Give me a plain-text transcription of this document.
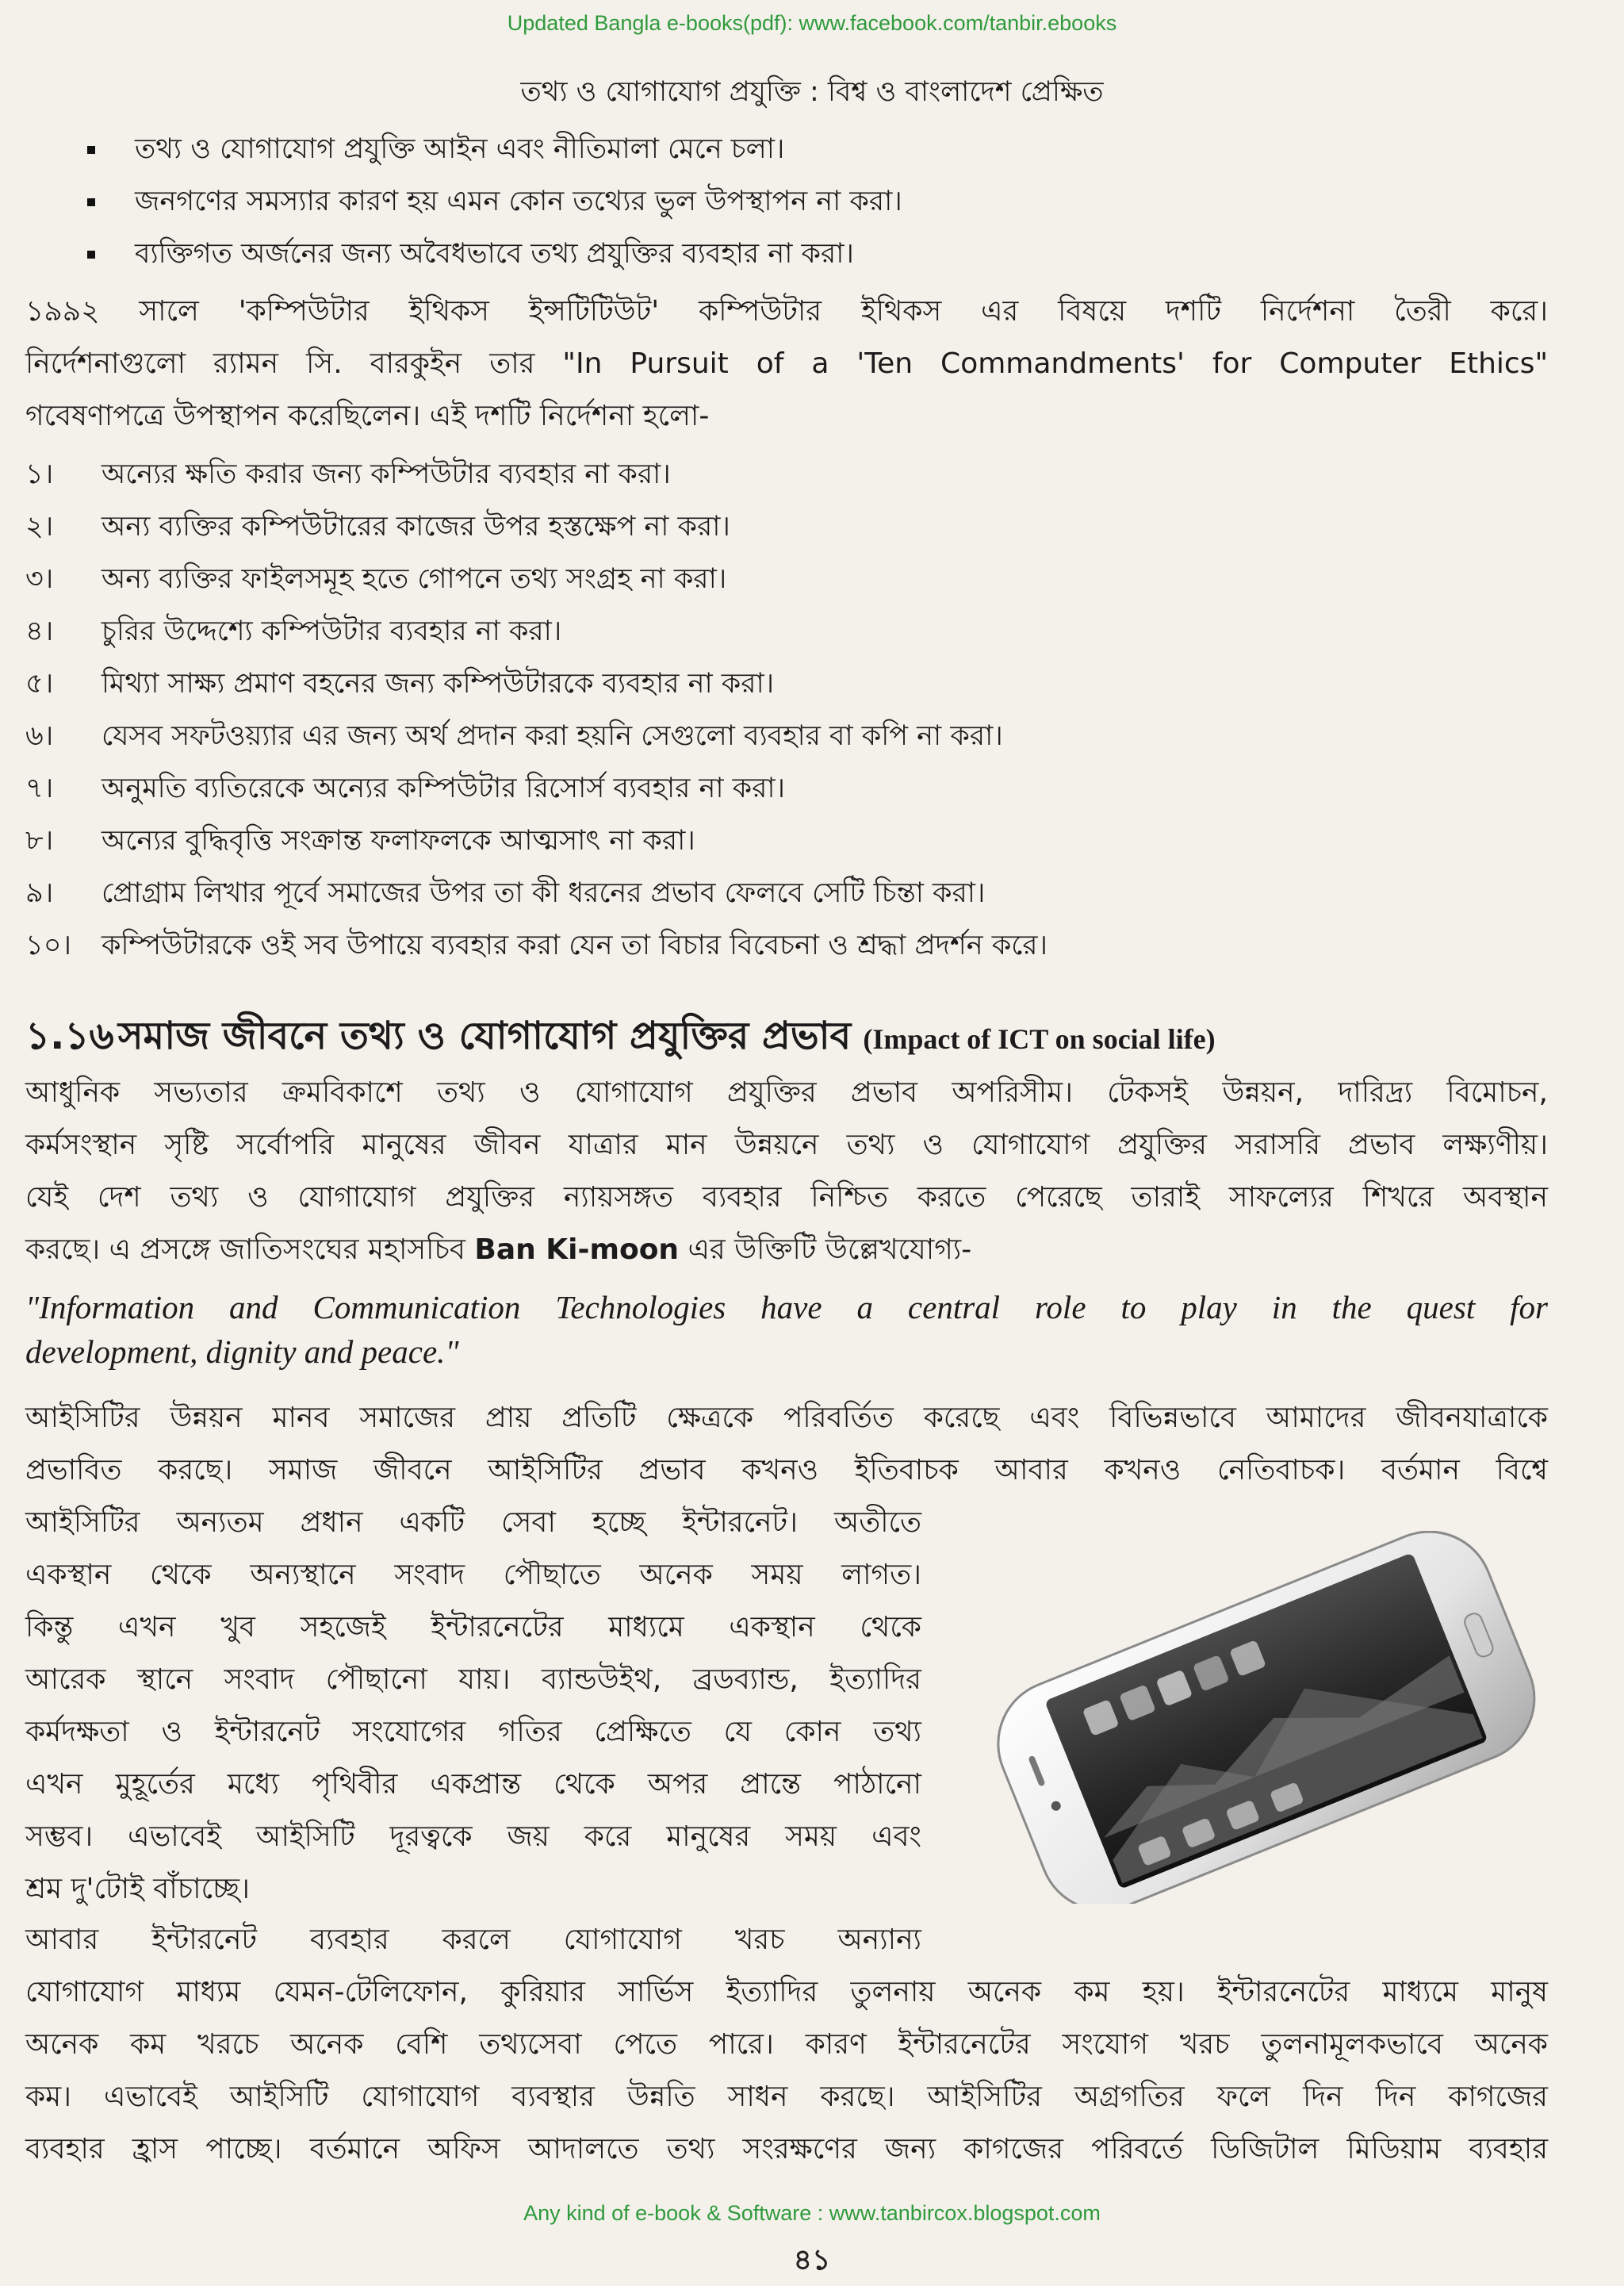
Updated Bangla e-books(pdf): www.facebook.com/tanbir.ebooks
তথ্য ও যোগাযোগ প্রযুক্তি : বিশ্ব ও বাংলাদেশ প্রেক্ষিত
তথ্য ও যোগাযোগ প্রযুক্তি আইন এবং নীতিমালা মেনে চলা।
জনগণের সমস্যার কারণ হয় এমন কোন তথ্যের ভুল উপস্থাপন না করা।
ব্যক্তিগত অর্জনের জন্য অবৈধভাবে তথ্য প্রযুক্তির ব্যবহার না করা।
১৯৯২ সালে 'কম্পিউটার ইথিকস ইন্সটিটিউট' কম্পিউটার ইথিকস এর বিষয়ে দশটি নির্দেশনা তৈরী করে।
নির্দেশনাগুলো র‍্যামন সি. বারকুইন তার "In Pursuit of a 'Ten Commandments' for Computer Ethics"
গবেষণাপত্রে উপস্থাপন করেছিলেন। এই দশটি নির্দেশনা হলো-
১। অন্যের ক্ষতি করার জন্য কম্পিউটার ব্যবহার না করা।
২। অন্য ব্যক্তির কম্পিউটারের কাজের উপর হস্তক্ষেপ না করা।
৩। অন্য ব্যক্তির ফাইলসমূহ হতে গোপনে তথ্য সংগ্রহ না করা।
৪। চুরির উদ্দেশ্যে কম্পিউটার ব্যবহার না করা।
৫। মিথ্যা সাক্ষ্য প্রমাণ বহনের জন্য কম্পিউটারকে ব্যবহার না করা।
৬। যেসব সফটওয়্যার এর জন্য অর্থ প্রদান করা হয়নি সেগুলো ব্যবহার বা কপি না করা।
৭। অনুমতি ব্যতিরেকে অন্যের কম্পিউটার রিসোর্স ব্যবহার না করা।
৮। অন্যের বুদ্ধিবৃত্তি সংক্রান্ত ফলাফলকে আত্মসাৎ না করা।
৯। প্রোগ্রাম লিখার পূর্বে সমাজের উপর তা কী ধরনের প্রভাব ফেলবে সেটি চিন্তা করা।
১০। কম্পিউটারকে ওই সব উপায়ে ব্যবহার করা যেন তা বিচার বিবেচনা ও শ্রদ্ধা প্রদর্শন করে।
১.১৬ সমাজ জীবনে তথ্য ও যোগাযোগ প্রযুক্তির প্রভাব (Impact of ICT on social life)
আধুনিক সভ্যতার ক্রমবিকাশে তথ্য ও যোগাযোগ প্রযুক্তির প্রভাব অপরিসীম। টেকসই উন্নয়ন, দারিদ্র্য বিমোচন,
কর্মসংস্থান সৃষ্টি সর্বোপরি মানুষের জীবন যাত্রার মান উন্নয়নে তথ্য ও যোগাযোগ প্রযুক্তির সরাসরি প্রভাব লক্ষ্যণীয়।
যেই দেশ তথ্য ও যোগাযোগ প্রযুক্তির ন্যায়সঙ্গত ব্যবহার নিশ্চিত করতে পেরেছে তারাই সাফল্যের শিখরে অবস্থান
করছে। এ প্রসঙ্গে জাতিসংঘের মহাসচিব Ban Ki-moon এর উক্তিটি উল্লেখযোগ্য-
"Information and Communication Technologies have a central role to play in the quest for
development, dignity and peace."
আইসিটির উন্নয়ন মানব সমাজের প্রায় প্রতিটি ক্ষেত্রকে পরিবর্তিত করেছে এবং বিভিন্নভাবে আমাদের জীবনযাত্রাকে
প্রভাবিত করছে। সমাজ জীবনে আইসিটির প্রভাব কখনও ইতিবাচক আবার কখনও নেতিবাচক। বর্তমান বিশ্বে
আইসিটির অন্যতম প্রধান একটি সেবা হচ্ছে ইন্টারনেট। অতীতে
একস্থান থেকে অন্যস্থানে সংবাদ পৌছাতে অনেক সময় লাগত।
কিন্তু এখন খুব সহজেই ইন্টারনেটের মাধ্যমে একস্থান থেকে
আরেক স্থানে সংবাদ পৌছানো যায়। ব্যান্ডউইথ, ব্রডব্যান্ড, ইত্যাদির
কর্মদক্ষতা ও ইন্টারনেট সংযোগের গতির প্রেক্ষিতে যে কোন তথ্য
এখন মুহূর্তের মধ্যে পৃথিবীর একপ্রান্ত থেকে অপর প্রান্তে পাঠানো
সম্ভব। এভাবেই আইসিটি দূরত্বকে জয় করে মানুষের সময় এবং
শ্রম দু'টোই বাঁচাচ্ছে।
আবার ইন্টারনেট ব্যবহার করলে যোগাযোগ খরচ অন্যান্য
যোগাযোগ মাধ্যম যেমন-টেলিফোন, কুরিয়ার সার্ভিস ইত্যাদির তুলনায় অনেক কম হয়। ইন্টারনেটের মাধ্যমে মানুষ
অনেক কম খরচে অনেক বেশি তথ্যসেবা পেতে পারে। কারণ ইন্টারনেটের সংযোগ খরচ তুলনামূলকভাবে অনেক
কম। এভাবেই আইসিটি যোগাযোগ ব্যবস্থার উন্নতি সাধন করছে। আইসিটির অগ্রগতির ফলে দিন দিন কাগজের
ব্যবহার হ্রাস পাচ্ছে। বর্তমানে অফিস আদালতে তথ্য সংরক্ষণের জন্য কাগজের পরিবর্তে ডিজিটাল মিডিয়াম ব্যবহার
Any kind of e-book & Software : www.tanbircox.blogspot.com
৪১
